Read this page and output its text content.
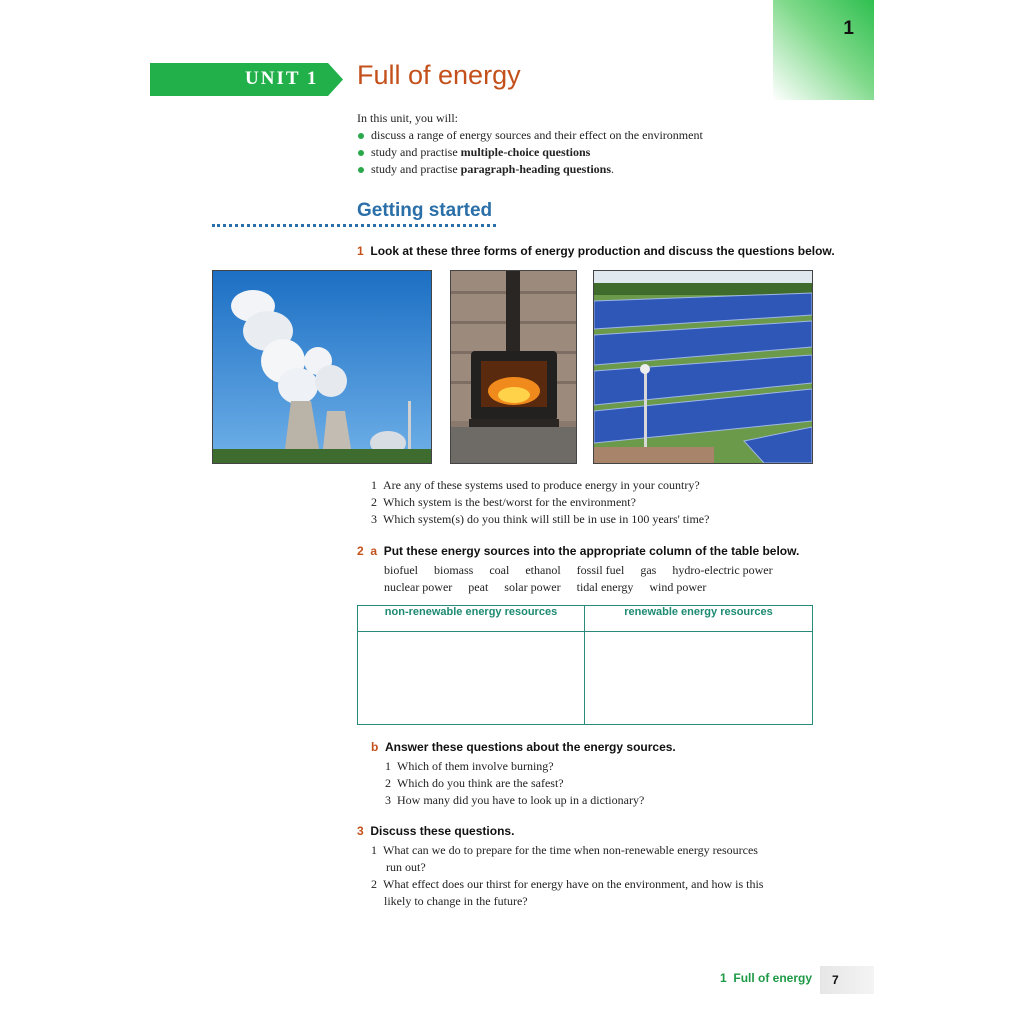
1
UNIT 1 Full of energy
In this unit, you will:
discuss a range of energy sources and their effect on the environment
study and practise multiple-choice questions
study and practise paragraph-heading questions.
Getting started
1 Look at these three forms of energy production and discuss the questions below.
1 Are any of these systems used to produce energy in your country?
2 Which system is the best/worst for the environment?
3 Which system(s) do you think will still be in use in 100 years' time?
2 a Put these energy sources into the appropriate column of the table below.
biofuel biomass coal ethanol fossil fuel gas hydro-electric power
nuclear power peat solar power tidal energy wind power
non-renewable energy resources	renewable energy resources
b Answer these questions about the energy sources.
1 Which of them involve burning?
2 Which do you think are the safest?
3 How many did you have to look up in a dictionary?
3 Discuss these questions.
1 What can we do to prepare for the time when non-renewable energy resources
run out?
2 What effect does our thirst for energy have on the environment, and how is this
likely to change in the future?
1 Full of energy 7
